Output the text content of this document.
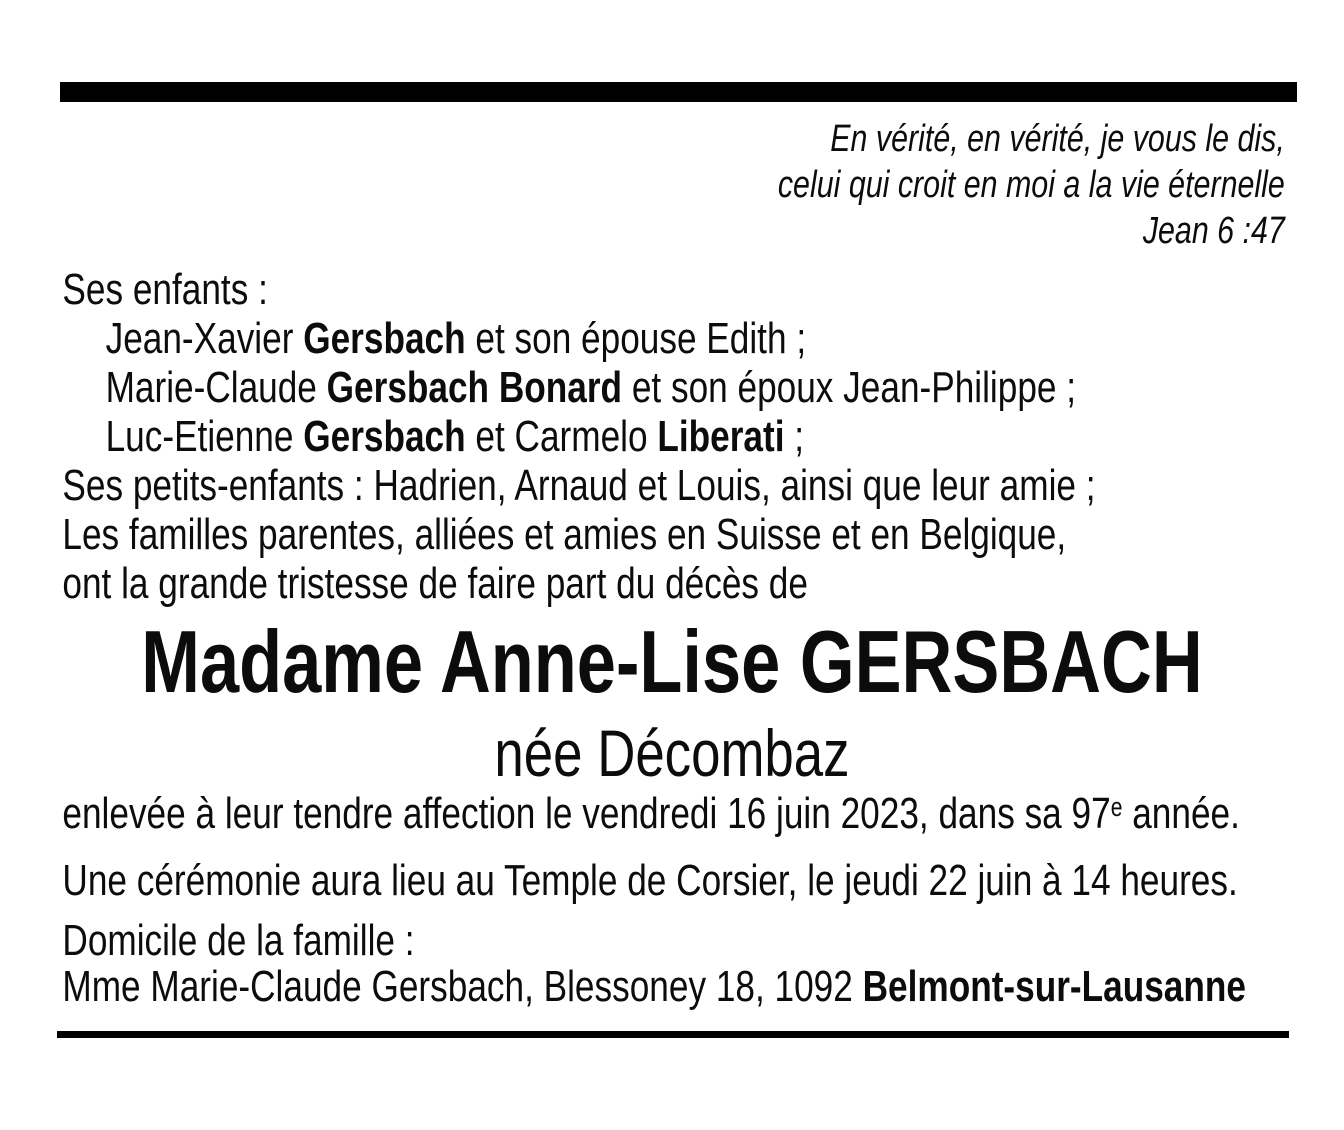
En vérité, en vérité, je vous le dis,
celui qui croit en moi a la vie éternelle
Jean 6 :47
Ses enfants :
Jean-Xavier Gersbach et son épouse Edith ;
Marie-Claude Gersbach Bonard et son époux Jean-Philippe ;
Luc-Etienne Gersbach et Carmelo Liberati ;
Ses petits-enfants : Hadrien, Arnaud et Louis, ainsi que leur amie ;
Les familles parentes, alliées et amies en Suisse et en Belgique,
ont la grande tristesse de faire part du décès de
Madame Anne-Lise GERSBACH
née Décombaz
enlevée à leur tendre affection le vendredi 16 juin 2023, dans sa 97e année.
Une cérémonie aura lieu au Temple de Corsier, le jeudi 22 juin à 14 heures.
Domicile de la famille :
Mme Marie-Claude Gersbach, Blessoney 18, 1092 Belmont-sur-Lausanne
